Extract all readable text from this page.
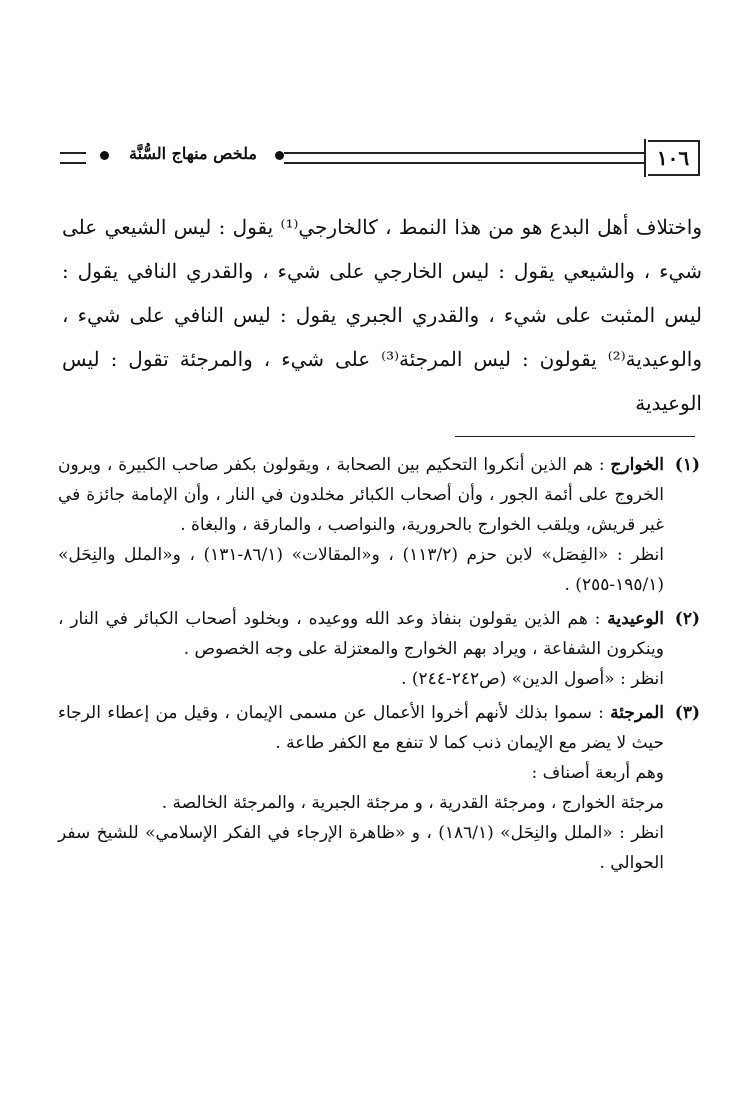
ملخص منهاج السُّنَّة	١٠٦

واختلاف أهل البدع هو من هذا النمط ، كالخارجي⁽¹⁾ يقول : ليس الشيعي على شيء ، والشيعي يقول : ليس الخارجي على شيء ، والقدري النافي يقول : ليس المثبت على شيء ، والقدري الجبري يقول : ليس النافي على شيء ، والوعيدية⁽²⁾ يقولون : ليس المرجئة⁽³⁾ على شيء ، والمرجئة تقول : ليس الوعيدية

(١)

الخوارج : هم الذين أنكروا التحكيم بين الصحابة ، ويقولون بكفر صاحب الكبيرة ، ويرون الخروج على أئمة الجور ، وأن أصحاب الكبائر مخلدون في النار ، وأن الإمامة جائزة في غير قريش، ويلقب الخوارج بالحرورية، والنواصب ، والمارقة ، والبغاة .

انظر : «الفِصَل» لابن حزم (١١٣/٢) ، و«المقالات» (٨٦/١-١٣١) ، و«الملل والنِحَل» (١٩٥/١-٢٥٥) .

(٢)

الوعيدية : هم الذين يقولون بنفاذ وعد الله ووعيده ، وبخلود أصحاب الكبائر في النار ، وينكرون الشفاعة ، ويراد بهم الخوارج والمعتزلة على وجه الخصوص .

انظر : «أصول الدين» (ص٢٤٢-٢٤٤) .

(٣)

المرجئة : سموا بذلك لأنهم أخروا الأعمال عن مسمى الإيمان ، وقيل من إعطاء الرجاء حيث لا يضر مع الإيمان ذنب كما لا تنفع مع الكفر طاعة .

وهم أربعة أصناف :

مرجئة الخوارج ، ومرجئة القدرية ، و مرجئة الجبرية ، والمرجئة الخالصة .

انظر : «الملل والنِحَل» (١٨٦/١) ، و «ظاهرة الإرجاء في الفكر الإسلامي» للشيخ سفر الحوالي .
